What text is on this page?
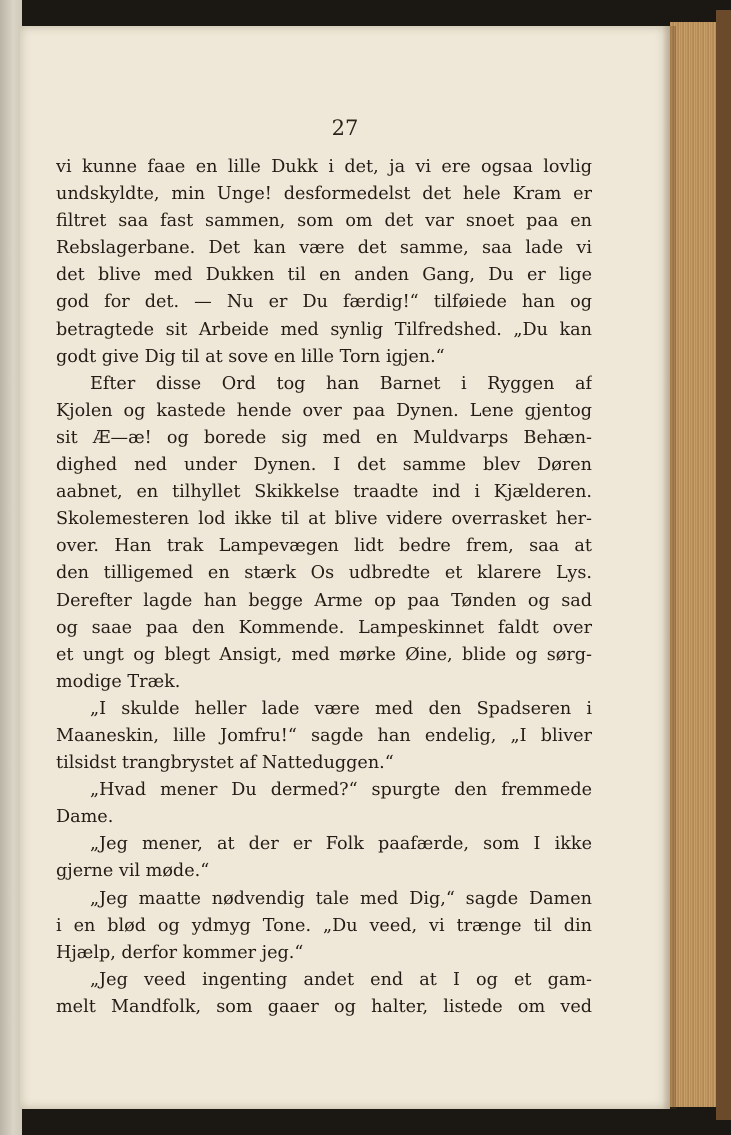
27
vi kunne faae en lille Dukk i det, ja vi ere ogsaa lovlig
undskyldte, min Unge! desformedelst det hele Kram er
filtret saa fast sammen, som om det var snoet paa en
Rebslagerbane. Det kan være det samme, saa lade vi
det blive med Dukken til en anden Gang, Du er lige
god for det. — Nu er Du færdig!“ tilføiede han og
betragtede sit Arbeide med synlig Tilfredshed. „Du kan
godt give Dig til at sove en lille Torn igjen.“
Efter disse Ord tog han Barnet i Ryggen af
Kjolen og kastede hende over paa Dynen. Lene gjentog
sit Æ—æ! og borede sig med en Muldvarps Behæn-
dighed ned under Dynen. I det samme blev Døren
aabnet, en tilhyllet Skikkelse traadte ind i Kjælderen.
Skolemesteren lod ikke til at blive videre overrasket her-
over. Han trak Lampevægen lidt bedre frem, saa at
den tilligemed en stærk Os udbredte et klarere Lys.
Derefter lagde han begge Arme op paa Tønden og sad
og saae paa den Kommende. Lampeskinnet faldt over
et ungt og blegt Ansigt, med mørke Øine, blide og sørg-
modige Træk.
„I skulde heller lade være med den Spadseren i
Maaneskin, lille Jomfru!“ sagde han endelig, „I bliver
tilsidst trangbrystet af Natteduggen.“
„Hvad mener Du dermed?“ spurgte den fremmede
Dame.
„Jeg mener, at der er Folk paafærde, som I ikke
gjerne vil møde.“
„Jeg maatte nødvendig tale med Dig,“ sagde Damen
i en blød og ydmyg Tone. „Du veed, vi trænge til din
Hjælp, derfor kommer jeg.“
„Jeg veed ingenting andet end at I og et gam-
melt Mandfolk, som gaaer og halter, listede om ved
